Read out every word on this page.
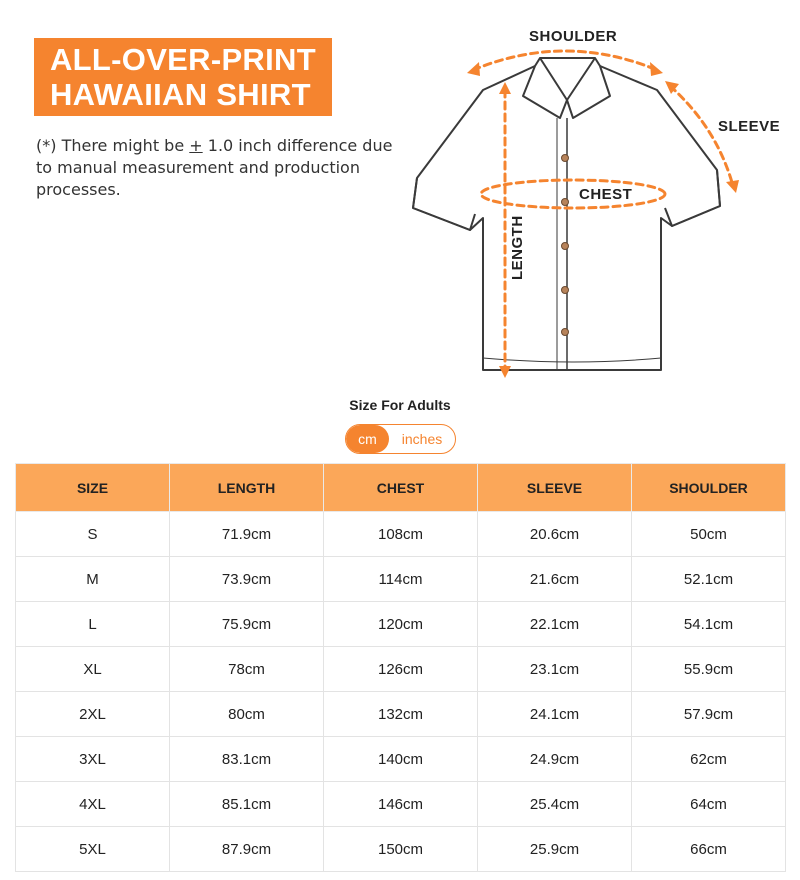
ALL-OVER-PRINT
HAWAIIAN SHIRT
(*) There might be + 1.0 inch difference due to manual measurement and production processes.
SHOULDER
SLEEVE
CHEST
LENGTH
Size For Adults
cm	inches
SIZE	LENGTH	CHEST	SLEEVE	SHOULDER
S	71.9cm	108cm	20.6cm	50cm
M	73.9cm	114cm	21.6cm	52.1cm
L	75.9cm	120cm	22.1cm	54.1cm
XL	78cm	126cm	23.1cm	55.9cm
2XL	80cm	132cm	24.1cm	57.9cm
3XL	83.1cm	140cm	24.9cm	62cm
4XL	85.1cm	146cm	25.4cm	64cm
5XL	87.9cm	150cm	25.9cm	66cm
